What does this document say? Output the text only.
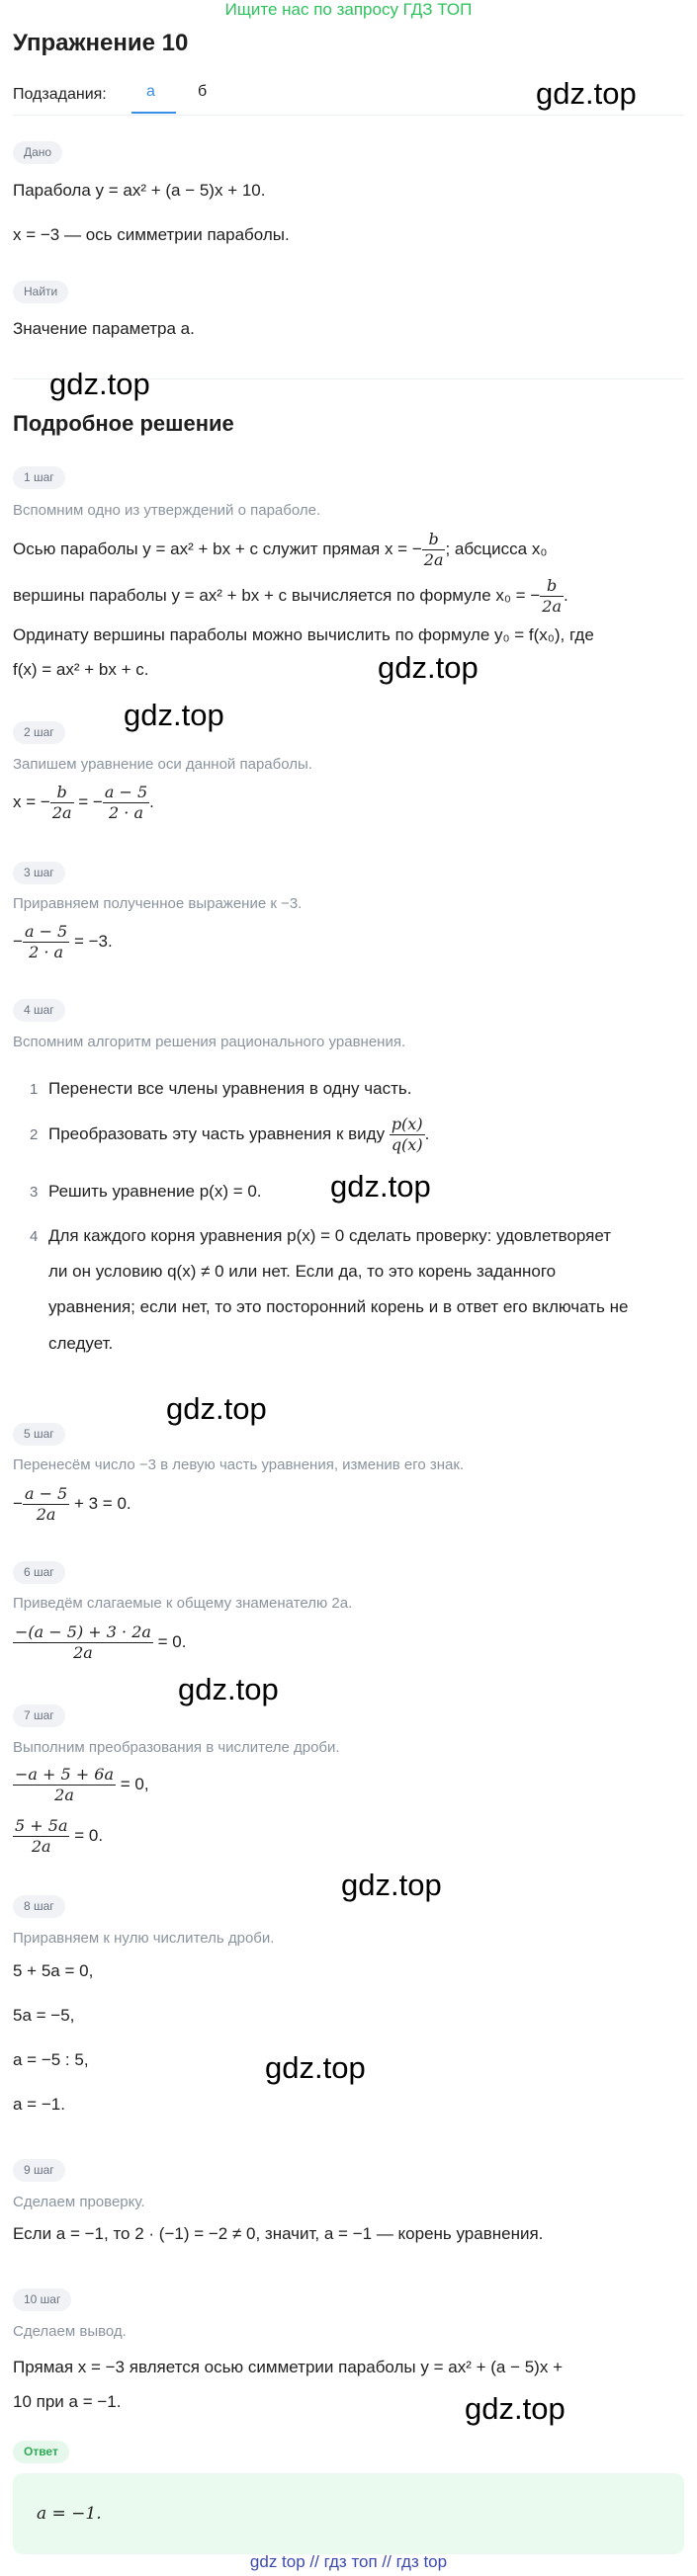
Ищите нас по запросу ГДЗ ТОП
Упражнение 10
Подзадания:	а	б	gdz.top
Дано
Парабола y = ax² + (a − 5)x + 10.
x = −3 — ось симметрии параболы.
Найти
Значение параметра a.
gdz.top
Подробное решение
1 шаг
Вспомним одно из утверждений о параболе.
Осью параболы y = ax² + bx + c служит прямая x = − $\frac{b}{2a}$ ; абсцисса x₀
вершины параболы y = ax² + bx + c вычисляется по формуле x₀ = − $\frac{b}{2a}$ .
Ординату вершины параболы можно вычислить по формуле y₀ = f(x₀), где
f(x) = ax² + bx + c.	gdz.top
gdz.top
2 шаг
Запишем уравнение оси данной параболы.
x = − $\frac{b}{2a}$ = − $\frac{a - 5}{2 \cdot a}$ .
3 шаг
Приравняем полученное выражение к −3.
− $\frac{a - 5}{2 \cdot a} = -3$.
4 шаг
Вспомним алгоритм решения рационального уравнения.
1 Перенести все члены уравнения в одну часть.
2 Преобразовать эту часть уравнения к виду $\frac{p(x)}{q(x)}$ .
3 Решить уравнение p(x) = 0. gdz.top
4 Для каждого корня уравнения p(x) = 0 сделать проверку: удовлетворяет
ли он условию q(x) ≠ 0 или нет. Если да, то это корень заданного
уравнения; если нет, то это посторонний корень и в ответ его включать не
следует.
gdz.top
5 шаг
Перенесём число −3 в левую часть уравнения, изменив его знак.
− $\frac{a - 5}{2a} + 3 = 0$.
6 шаг
Приведём слагаемые к общему знаменателю 2a.
$\frac{-(a - 5) + 3 \cdot 2a}{2a} = 0$.
gdz.top
7 шаг
Выполним преобразования в числителе дроби.
$\frac{-a + 5 + 6a}{2a} = 0$,
$\frac{5 + 5a}{2a} = 0$.
gdz.top
8 шаг
Приравняем к нулю числитель дроби.
5 + 5a = 0,
5a = −5,
a = −5 : 5,	gdz.top
a = −1.
9 шаг
Сделаем проверку.
Если a = −1, то 2 · (−1) = −2 ≠ 0, значит, a = −1 — корень уравнения.
10 шаг
Сделаем вывод.
Прямая x = −3 является осью симметрии параболы y = ax² + (a − 5)x +
10 при a = −1.	gdz.top
Ответ
a = −1.
gdz top // гдз топ // гдз top
